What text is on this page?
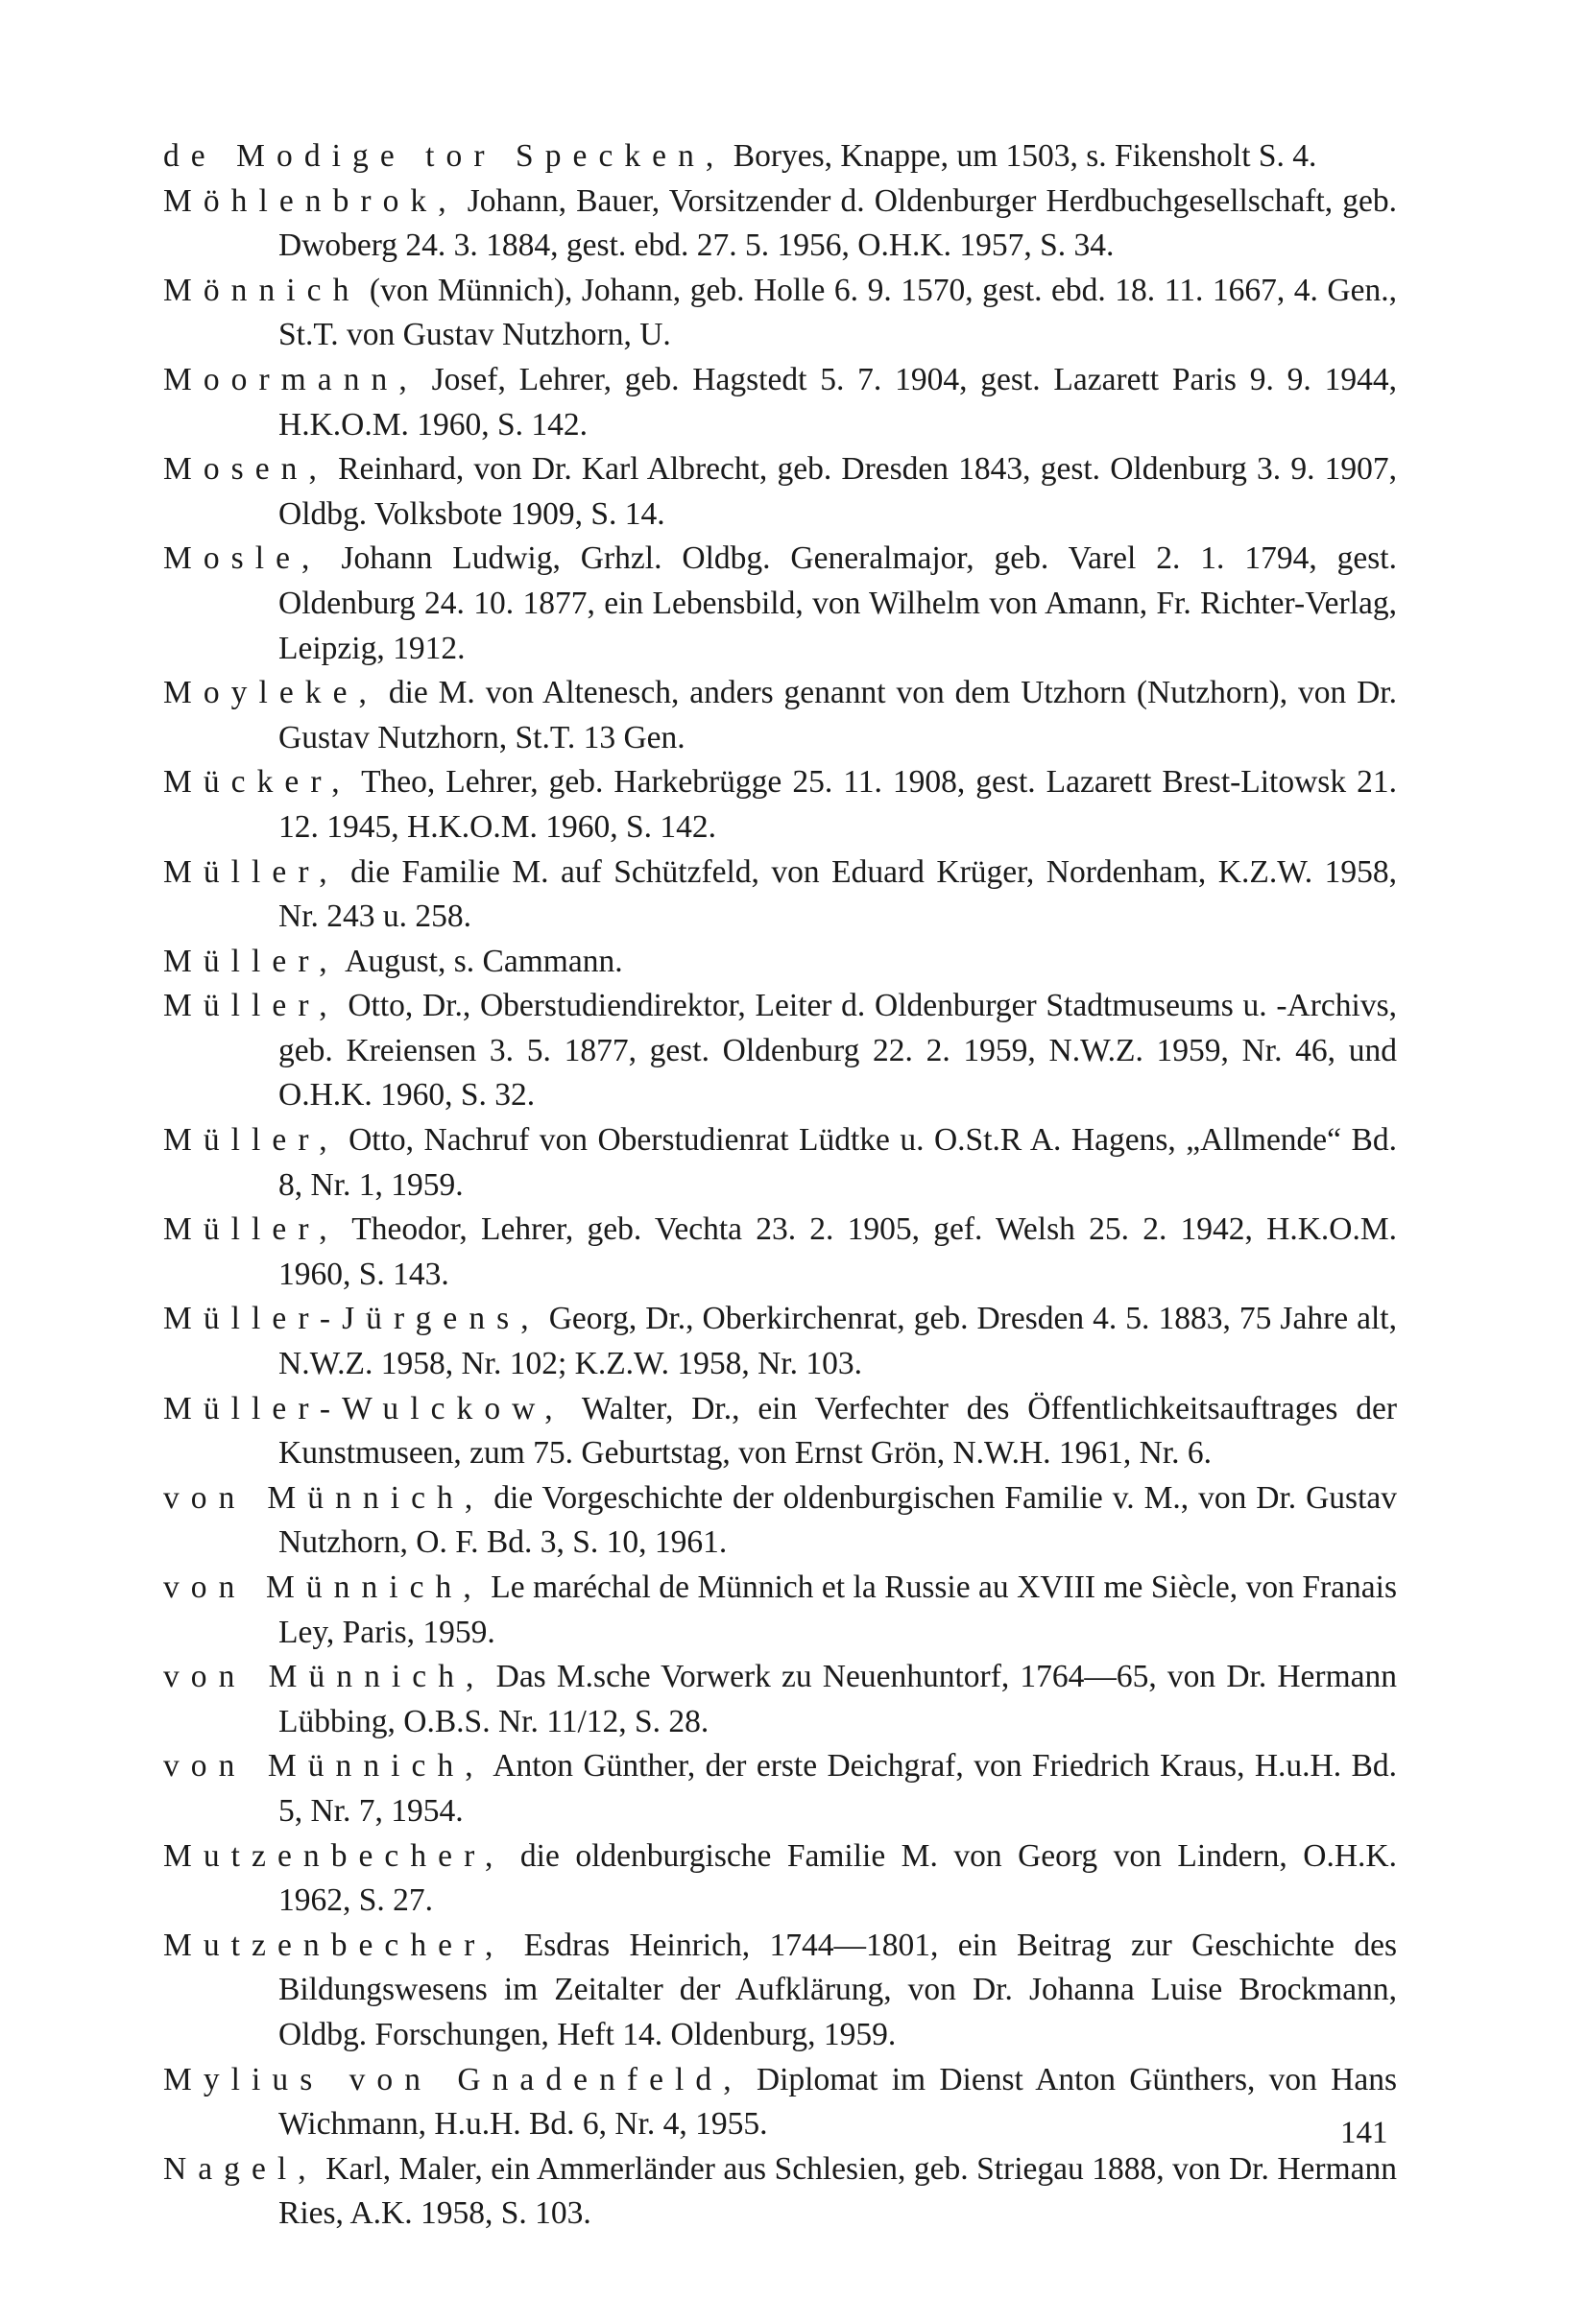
de Modige tor Specken, Boryes, Knappe, um 1503, s. Fikensholt S. 4.

Möhlenbrok, Johann, Bauer, Vorsitzender d. Oldenburger Herdbuchgesellschaft, geb. Dwoberg 24. 3. 1884, gest. ebd. 27. 5. 1956, O.H.K. 1957, S. 34.

Mönnich (von Münnich), Johann, geb. Holle 6. 9. 1570, gest. ebd. 18. 11. 1667, 4. Gen., St.T. von Gustav Nutzhorn, U.

Moormann, Josef, Lehrer, geb. Hagstedt 5. 7. 1904, gest. Lazarett Paris 9. 9. 1944, H.K.O.M. 1960, S. 142.

Mosen, Reinhard, von Dr. Karl Albrecht, geb. Dresden 1843, gest. Oldenburg 3. 9. 1907, Oldbg. Volksbote 1909, S. 14.

Mosle, Johann Ludwig, Grhzl. Oldbg. Generalmajor, geb. Varel 2. 1. 1794, gest. Oldenburg 24. 10. 1877, ein Lebensbild, von Wilhelm von Amann, Fr. Richter-Verlag, Leipzig, 1912.

Moyleke, die M. von Altenesch, anders genannt von dem Utzhorn (Nutzhorn), von Dr. Gustav Nutzhorn, St.T. 13 Gen.

Mücker, Theo, Lehrer, geb. Harkebrügge 25. 11. 1908, gest. Lazarett Brest-Litowsk 21. 12. 1945, H.K.O.M. 1960, S. 142.

Müller, die Familie M. auf Schützfeld, von Eduard Krüger, Nordenham, K.Z.W. 1958, Nr. 243 u. 258.

Müller, August, s. Cammann.

Müller, Otto, Dr., Oberstudiendirektor, Leiter d. Oldenburger Stadtmuseums u. -Archivs, geb. Kreiensen 3. 5. 1877, gest. Oldenburg 22. 2. 1959, N.W.Z. 1959, Nr. 46, und O.H.K. 1960, S. 32.

Müller, Otto, Nachruf von Oberstudienrat Lüdtke u. O.St.R A. Hagens, „Allmende“ Bd. 8, Nr. 1, 1959.

Müller, Theodor, Lehrer, geb. Vechta 23. 2. 1905, gef. Welsh 25. 2. 1942, H.K.O.M. 1960, S. 143.

Müller-Jürgens, Georg, Dr., Oberkirchenrat, geb. Dresden 4. 5. 1883, 75 Jahre alt, N.W.Z. 1958, Nr. 102; K.Z.W. 1958, Nr. 103.

Müller-Wulckow, Walter, Dr., ein Verfechter des Öffentlichkeitsauftrages der Kunstmuseen, zum 75. Geburtstag, von Ernst Grön, N.W.H. 1961, Nr. 6.

von Münnich, die Vorgeschichte der oldenburgischen Familie v. M., von Dr. Gustav Nutzhorn, O. F. Bd. 3, S. 10, 1961.

von Münnich, Le maréchal de Münnich et la Russie au XVIII me Siècle, von Franais Ley, Paris, 1959.

von Münnich, Das M.sche Vorwerk zu Neuenhuntorf, 1764—65, von Dr. Hermann Lübbing, O.B.S. Nr. 11/12, S. 28.

von Münnich, Anton Günther, der erste Deichgraf, von Friedrich Kraus, H.u.H. Bd. 5, Nr. 7, 1954.

Mutzenbecher, die oldenburgische Familie M. von Georg von Lindern, O.H.K. 1962, S. 27.

Mutzenbecher, Esdras Heinrich, 1744—1801, ein Beitrag zur Geschichte des Bildungswesens im Zeitalter der Aufklärung, von Dr. Johanna Luise Brockmann, Oldbg. Forschungen, Heft 14. Oldenburg, 1959.

Mylius von Gnadenfeld, Diplomat im Dienst Anton Günthers, von Hans Wichmann, H.u.H. Bd. 6, Nr. 4, 1955.

Nagel, Karl, Maler, ein Ammerländer aus Schlesien, geb. Striegau 1888, von Dr. Hermann Ries, A.K. 1958, S. 103.

141
